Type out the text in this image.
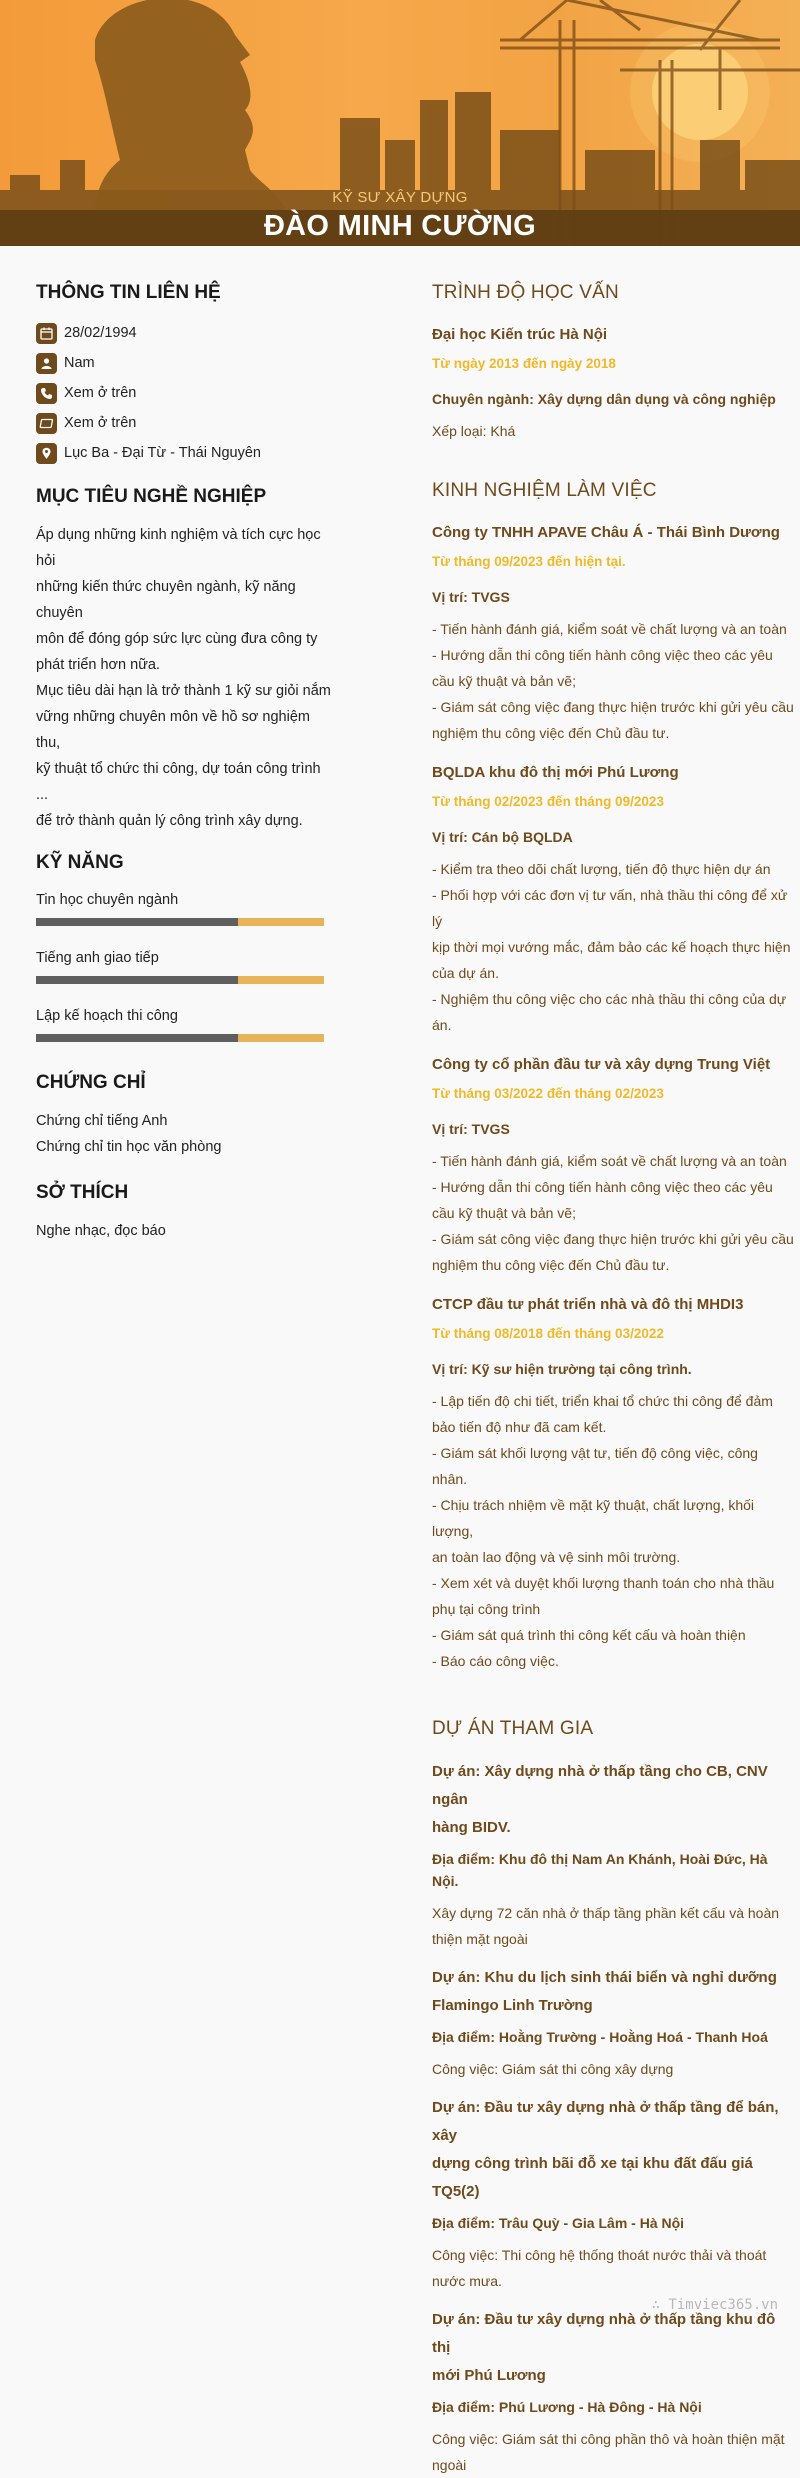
KỸ SƯ XÂY DỰNG
ĐÀO MINH CƯỜNG
THÔNG TIN LIÊN HỆ
28/02/1994
Nam
Xem ở trên
Xem ở trên
Lục Ba - Đại Từ - Thái Nguyên
MỤC TIÊU NGHỀ NGHIỆP
Áp dụng những kinh nghiệm và tích cực học hỏi
những kiến thức chuyên ngành, kỹ năng chuyên
môn để đóng góp sức lực cùng đưa công ty
phát triển hơn nữa.
Mục tiêu dài hạn là trở thành 1 kỹ sư giỏi nắm
vững những chuyên môn về hồ sơ nghiệm thu,
kỹ thuật tổ chức thi công, dự toán công trình ...
để trở thành quản lý công trình xây dựng.
KỸ NĂNG
Tin học chuyên ngành
Tiếng anh giao tiếp
Lập kế hoạch thi công
CHỨNG CHỈ
Chứng chỉ tiếng Anh
Chứng chỉ tin học văn phòng
SỞ THÍCH
Nghe nhạc, đọc báo
TRÌNH ĐỘ HỌC VẤN
Đại học Kiến trúc Hà Nội
Từ ngày 2013 đến ngày 2018
Chuyên ngành: Xây dựng dân dụng và công nghiệp
Xếp loại: Khá
KINH NGHIỆM LÀM VIỆC
Công ty TNHH APAVE Châu Á - Thái Bình Dương
Từ tháng 09/2023 đến hiện tại.
Vị trí: TVGS
- Tiến hành đánh giá, kiểm soát về chất lượng và an toàn
- Hướng dẫn thi công tiến hành công việc theo các yêu
cầu kỹ thuật và bản vẽ;
- Giám sát công việc đang thực hiện trước khi gửi yêu cầu
nghiệm thu công việc đến Chủ đầu tư.
BQLDA khu đô thị mới Phú Lương
Từ tháng 02/2023 đến tháng 09/2023
Vị trí: Cán bộ BQLDA
- Kiểm tra theo dõi chất lượng, tiến độ thực hiện dự án
- Phối hợp với các đơn vị tư vấn, nhà thầu thi công để xử lý
kịp thời mọi vướng mắc, đảm bảo các kế hoạch thực hiện
của dự án.
- Nghiệm thu công việc cho các nhà thầu thi công của dự
án.
Công ty cổ phần đầu tư và xây dựng Trung Việt
Từ tháng 03/2022 đến tháng 02/2023
Vị trí: TVGS
- Tiến hành đánh giá, kiểm soát về chất lượng và an toàn
- Hướng dẫn thi công tiến hành công việc theo các yêu
cầu kỹ thuật và bản vẽ;
- Giám sát công việc đang thực hiện trước khi gửi yêu cầu
nghiệm thu công việc đến Chủ đầu tư.
CTCP đầu tư phát triển nhà và đô thị MHDI3
Từ tháng 08/2018 đến tháng 03/2022
Vị trí: Kỹ sư hiện trường tại công trình.
- Lập tiến độ chi tiết, triển khai tổ chức thi công để đảm
bảo tiến độ như đã cam kết.
- Giám sát khối lượng vật tư, tiến độ công việc, công nhân.
- Chịu trách nhiệm về mặt kỹ thuật, chất lượng, khối lượng,
an toàn lao động và vệ sinh môi trường.
- Xem xét và duyệt khối lượng thanh toán cho nhà thầu
phụ tại công trình
- Giám sát quá trình thi công kết cấu và hoàn thiện
- Báo cáo công việc.
DỰ ÁN THAM GIA
Dự án: Xây dựng nhà ở thấp tầng cho CB, CNV ngân
hàng BIDV.
Địa điểm: Khu đô thị Nam An Khánh, Hoài Đức, Hà Nội.
Xây dựng 72 căn nhà ở thấp tầng phần kết cấu và hoàn
thiện mặt ngoài
Dự án: Khu du lịch sinh thái biển và nghỉ dưỡng
Flamingo Linh Trường
Địa điểm: Hoằng Trường - Hoằng Hoá - Thanh Hoá
Công việc: Giám sát thi công xây dựng
Dự án: Đầu tư xây dựng nhà ở thấp tầng để bán, xây
dựng công trình bãi đỗ xe tại khu đất đấu giá TQ5(2)
Địa điểm: Trâu Quỳ - Gia Lâm - Hà Nội
Công việc: Thi công hệ thống thoát nước thải và thoát
nước mưa.
Dự án: Đầu tư xây dựng nhà ở thấp tầng khu đô thị
mới Phú Lương
Địa điểm: Phú Lương - Hà Đông - Hà Nội
Công việc: Giám sát thi công phần thô và hoàn thiện mặt
ngoài
∴ Timviec365.vn
